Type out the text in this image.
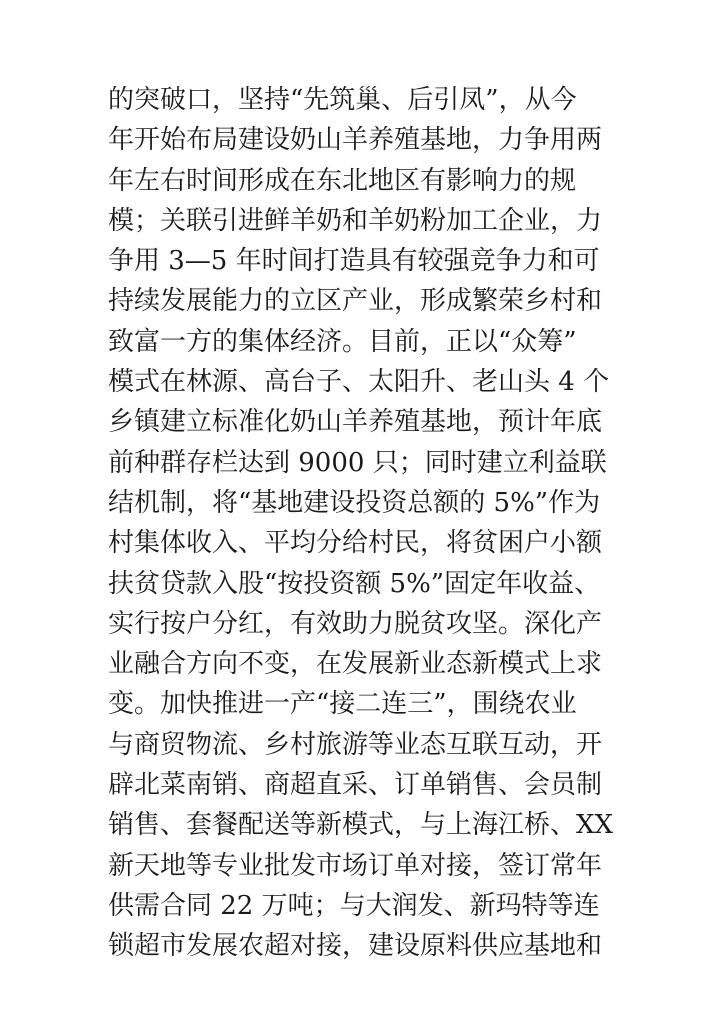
的突破口，坚持“先筑巢、后引凤”，从今
年开始布局建设奶山羊养殖基地，力争用两
年左右时间形成在东北地区有影响力的规
模；关联引进鲜羊奶和羊奶粉加工企业，力
争用 3—5 年时间打造具有较强竞争力和可
持续发展能力的立区产业，形成繁荣乡村和
致富一方的集体经济。目前，正以“众筹”
模式在林源、高台子、太阳升、老山头 4 个
乡镇建立标准化奶山羊养殖基地，预计年底
前种群存栏达到 9000 只；同时建立利益联
结机制，将“基地建设投资总额的 5%”作为
村集体收入、平均分给村民，将贫困户小额
扶贫贷款入股“按投资额 5%”固定年收益、
实行按户分红，有效助力脱贫攻坚。深化产
业融合方向不变，在发展新业态新模式上求
变。加快推进一产“接二连三”，围绕农业
与商贸物流、乡村旅游等业态互联互动，开
辟北菜南销、商超直采、订单销售、会员制
销售、套餐配送等新模式，与上海江桥、XX
新天地等专业批发市场订单对接，签订常年
供需合同 22 万吨；与大润发、新玛特等连
锁超市发展农超对接，建设原料供应基地和
